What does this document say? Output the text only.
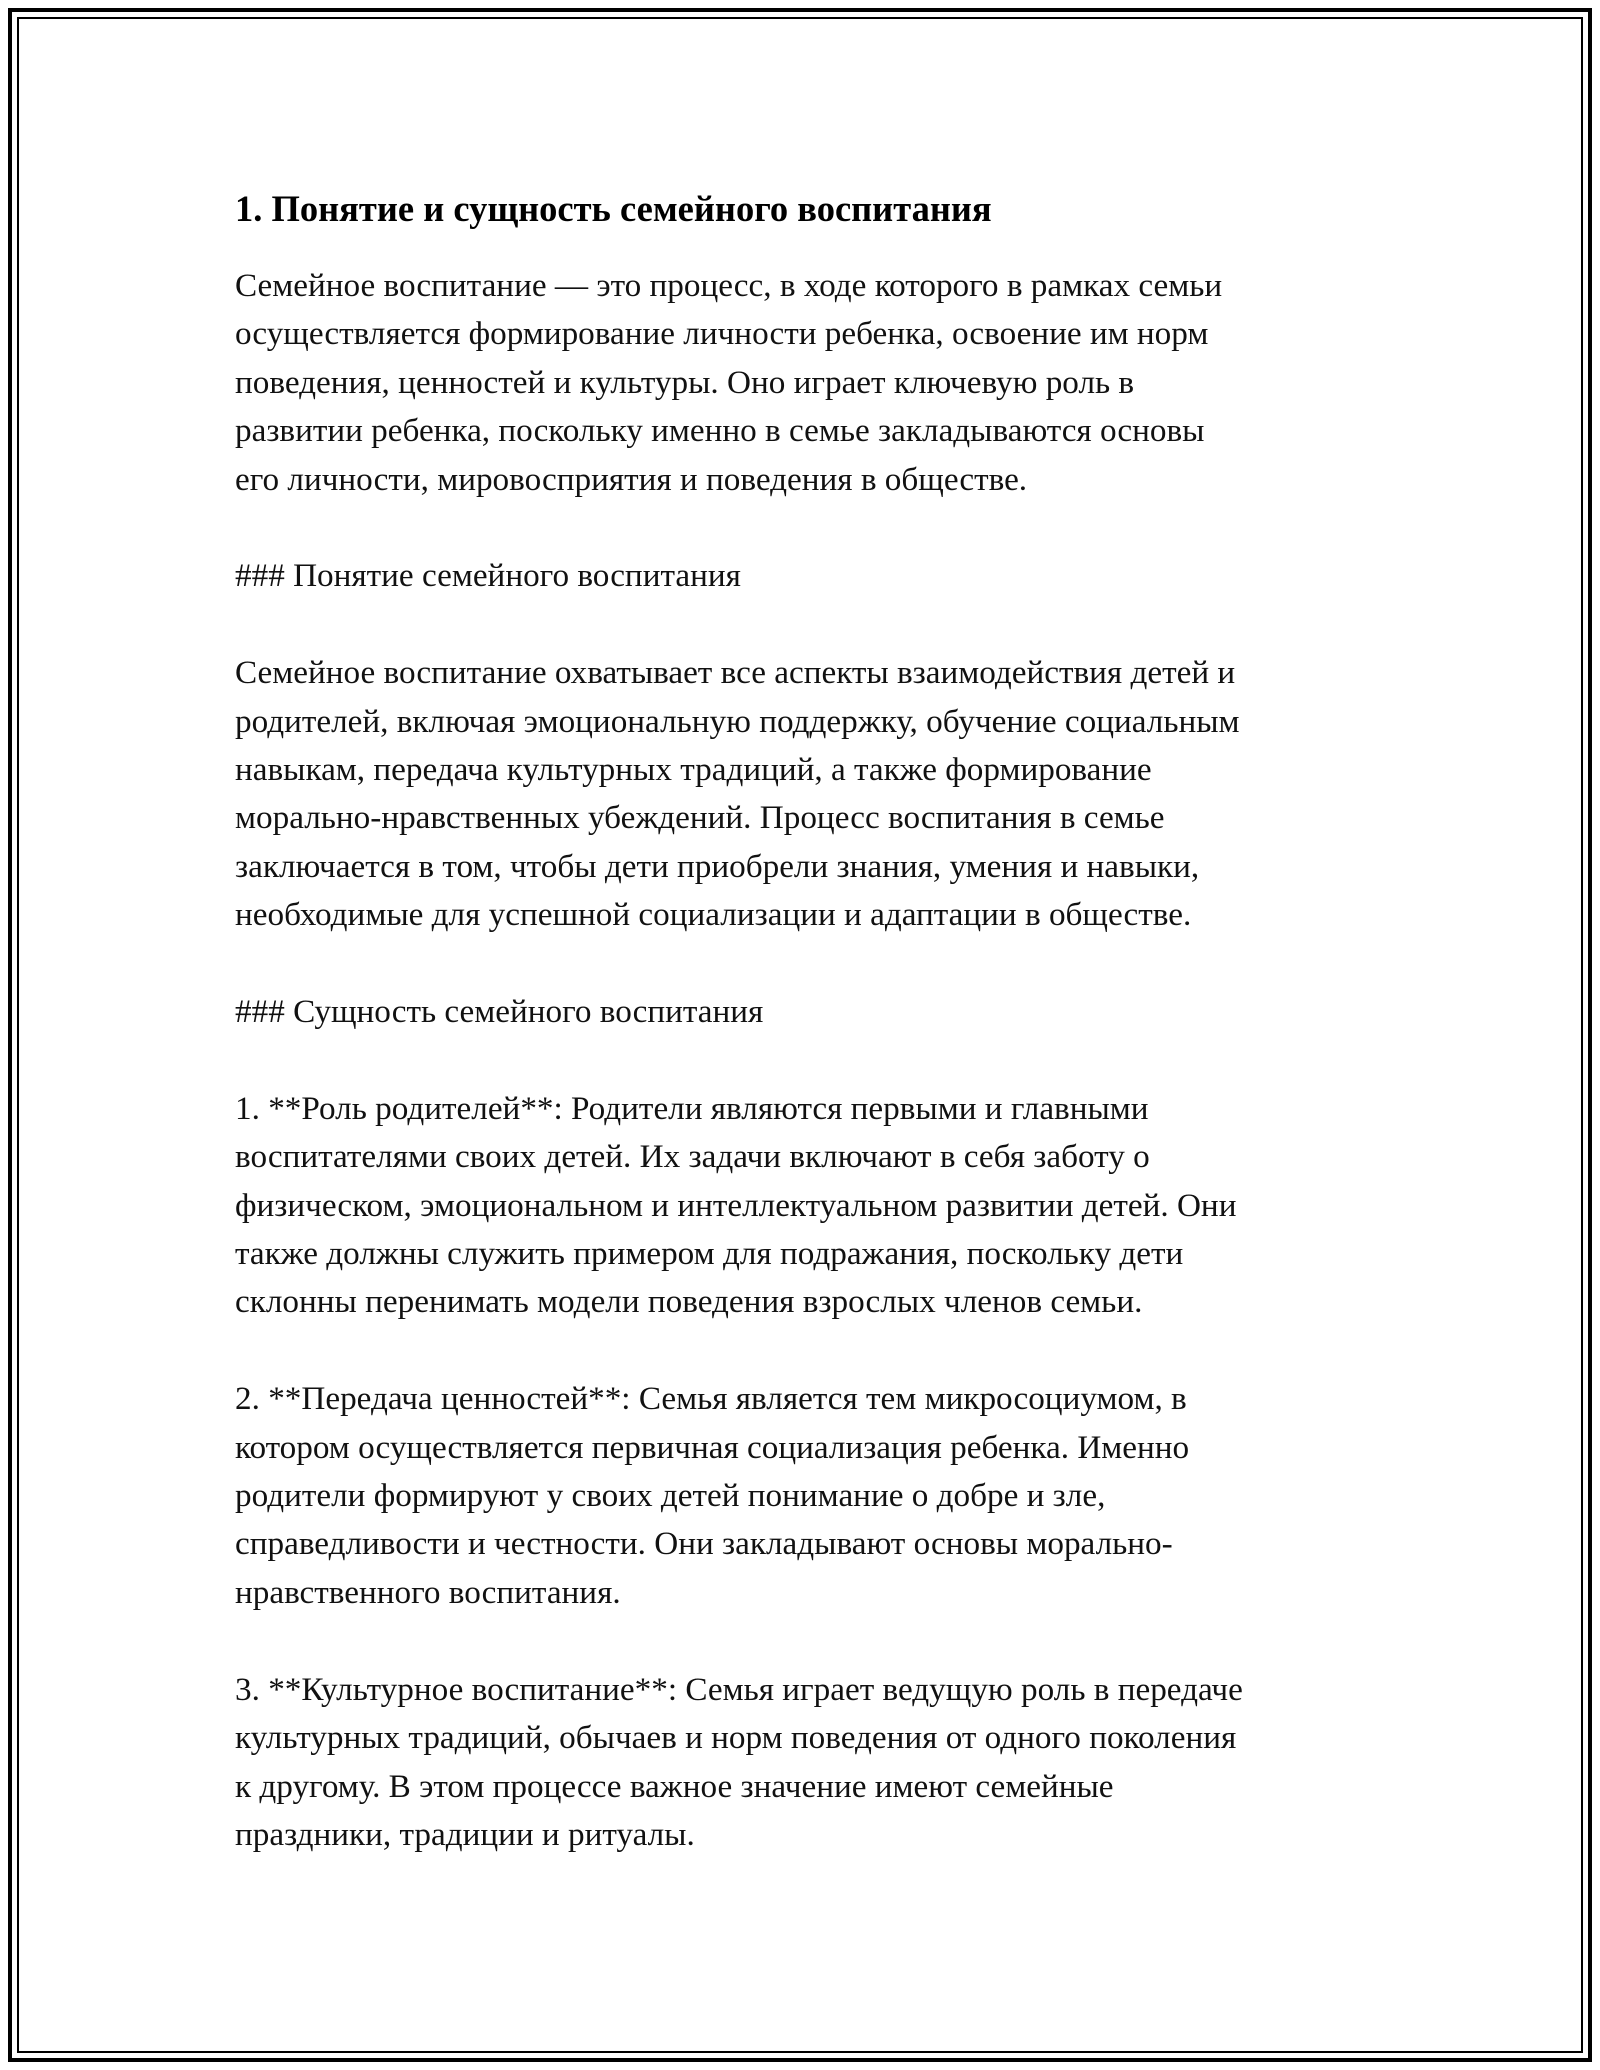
1. Понятие и сущность семейного воспитания

Семейное воспитание — это процесс, в ходе которого в рамках семьи
осуществляется формирование личности ребенка, освоение им норм
поведения, ценностей и культуры. Оно играет ключевую роль в
развитии ребенка, поскольку именно в семье закладываются основы
его личности, мировосприятия и поведения в обществе.

### Понятие семейного воспитания

Семейное воспитание охватывает все аспекты взаимодействия детей и
родителей, включая эмоциональную поддержку, обучение социальным
навыкам, передача культурных традиций, а также формирование
морально-нравственных убеждений. Процесс воспитания в семье
заключается в том, чтобы дети приобрели знания, умения и навыки,
необходимые для успешной социализации и адаптации в обществе.

### Сущность семейного воспитания

1. **Роль родителей**: Родители являются первыми и главными
воспитателями своих детей. Их задачи включают в себя заботу о
физическом, эмоциональном и интеллектуальном развитии детей. Они
также должны служить примером для подражания, поскольку дети
склонны перенимать модели поведения взрослых членов семьи.

2. **Передача ценностей**: Семья является тем микросоциумом, в
котором осуществляется первичная социализация ребенка. Именно
родители формируют у своих детей понимание о добре и зле,
справедливости и честности. Они закладывают основы морально-
нравственного воспитания.

3. **Культурное воспитание**: Семья играет ведущую роль в передаче
культурных традиций, обычаев и норм поведения от одного поколения
к другому. В этом процессе важное значение имеют семейные
праздники, традиции и ритуалы.
